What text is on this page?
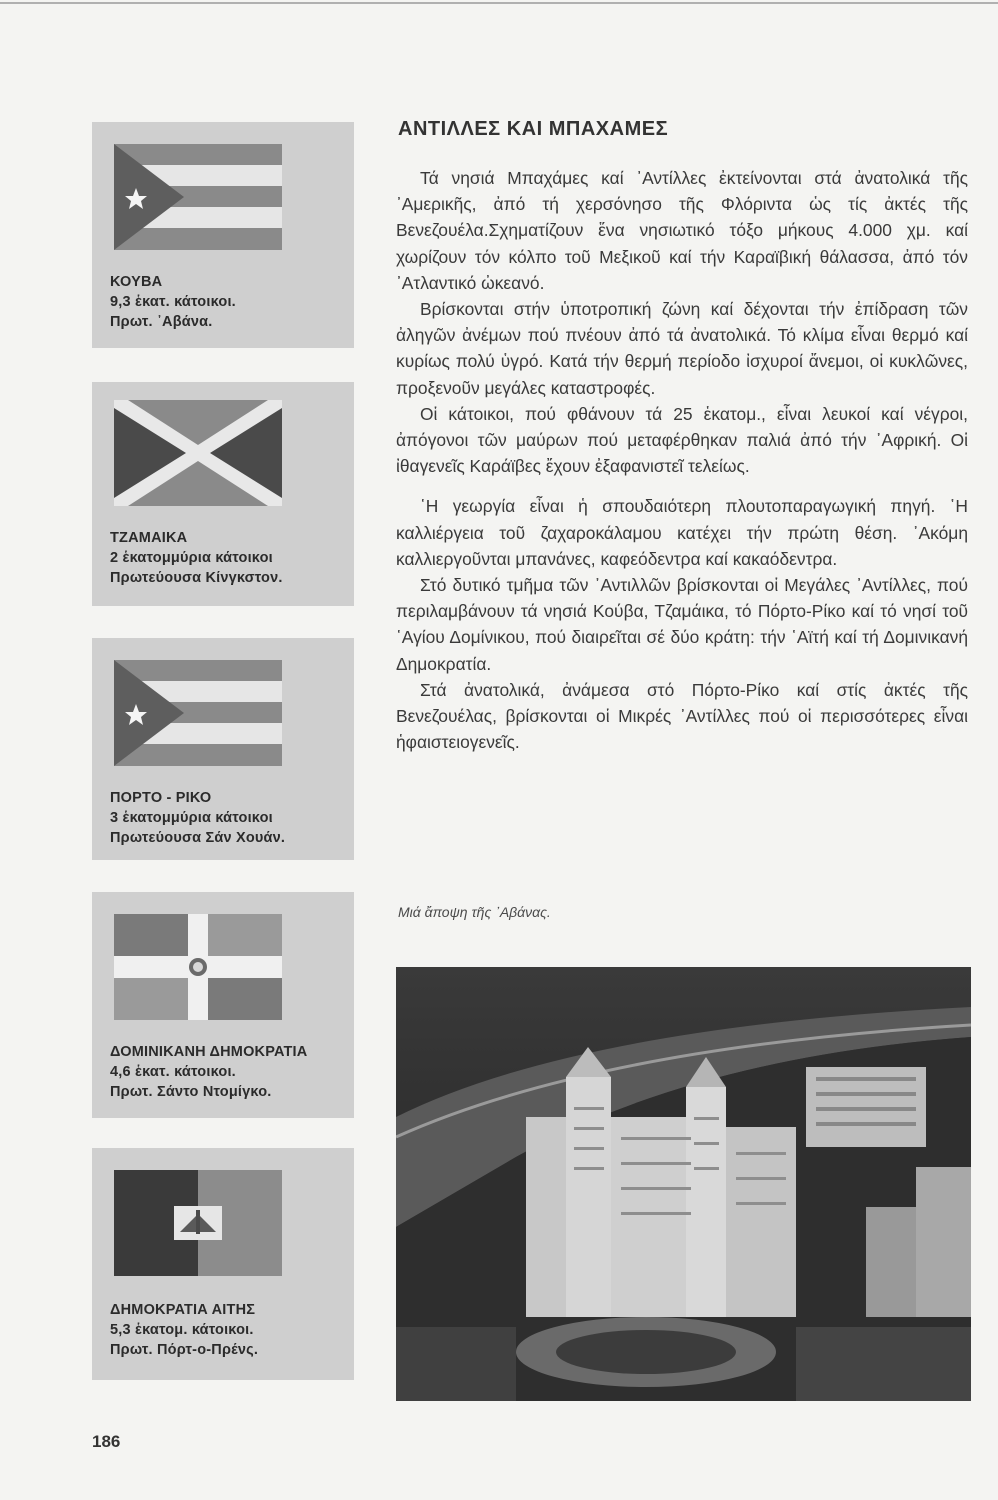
ΚΟΥΒΑ
9,3 ἑκατ. κάτοικοι.
Πρωτ. ᾿Αβάνα.
ΤΖΑΜΑΙΚΑ
2 ἑκατομμύρια κάτοικοι
Πρωτεύουσα Κίνγκστον.
ΠΟΡΤΟ - ΡΙΚΟ
3 ἑκατομμύρια κάτοικοι
Πρωτεύουσα Σάν Χουάν.
ΔΟΜΙΝΙΚΑΝΗ ΔΗΜΟΚΡΑΤΙΑ
4,6 ἑκατ. κάτοικοι.
Πρωτ. Σάντο Ντομίγκο.
ΔΗΜΟΚΡΑΤΙΑ ΑΙΤΗΣ
5,3 ἑκατομ. κάτοικοι.
Πρωτ. Πόρτ-ο-Πρένς.
ΑΝΤΙΛΛΕΣ ΚΑΙ ΜΠΑΧΑΜΕΣ

Τά νησιά Μπαχάμες καί ᾿Αντίλλες ἐκτείνονται στά ἀνατολικά τῆς ᾿Αμερικῆς, ἀπό τή χερσόνησο τῆς Φλόριντα ὡς τίς ἀκτές τῆς Βενεζουέλα.Σχηματίζουν ἕνα νησιωτικό τόξο μήκους 4.000 χμ. καί χωρίζουν τόν κόλπο τοῦ Μεξικοῦ καί τήν Καραϊβική θάλασσα, ἀπό τόν ᾿Ατλαντικό ὠκεανό.

Βρίσκονται στήν ὑποτροπική ζώνη καί δέχονται τήν ἐπίδραση τῶν ἀληγῶν ἀνέμων πού πνέουν ἀπό τά ἀνατολικά. Τό κλίμα εἶναι θερμό καί κυρίως πολύ ὑγρό. Κατά τήν θερμή περίοδο ἰσχυροί ἄνεμοι, οἱ κυκλῶνες, προξενοῦν μεγάλες καταστροφές.

Οἱ κάτοικοι, πού φθάνουν τά 25 ἑκατομ., εἶναι λευκοί καί νέγροι, ἀπόγονοι τῶν μαύρων πού μεταφέρθηκαν παλιά ἀπό τήν ᾿Αφρική. Οἱ ἰθαγενεῖς Καράϊβες ἔχουν ἐξαφανιστεῖ τελείως.

῾Η γεωργία εἶναι ἡ σπουδαιότερη πλουτοπαραγωγική πηγή. ῾Η καλλιέργεια τοῦ ζαχαροκάλαμου κατέχει τήν πρώτη θέση. ᾿Ακόμη καλλιεργοῦνται μπανάνες, καφεόδεντρα καί κακαόδεντρα.

Στό δυτικό τμῆμα τῶν ᾿Αντιλλῶν βρίσκονται οἱ Μεγάλες ᾿Αντίλλες, πού περιλαμβάνουν τά νησιά Κούβα, Τζαμάικα, τό Πόρτο-Ρίκο καί τό νησί τοῦ ῾Αγίου Δομίνικου, πού διαιρεῖται σέ δύο κράτη: τήν ῾Αϊτή καί τή Δομινικανή Δημοκρατία.

Στά ἀνατολικά, ἀνάμεσα στό Πόρτο-Ρίκο καί στίς ἀκτές τῆς Βενεζουέλας, βρίσκονται οἱ Μικρές ᾿Αντίλλες πού οἱ περισσότερες εἶναι ἡφαιστειογενεῖς.

Μιά ἄποψη τῆς ᾿Αβάνας.
186
